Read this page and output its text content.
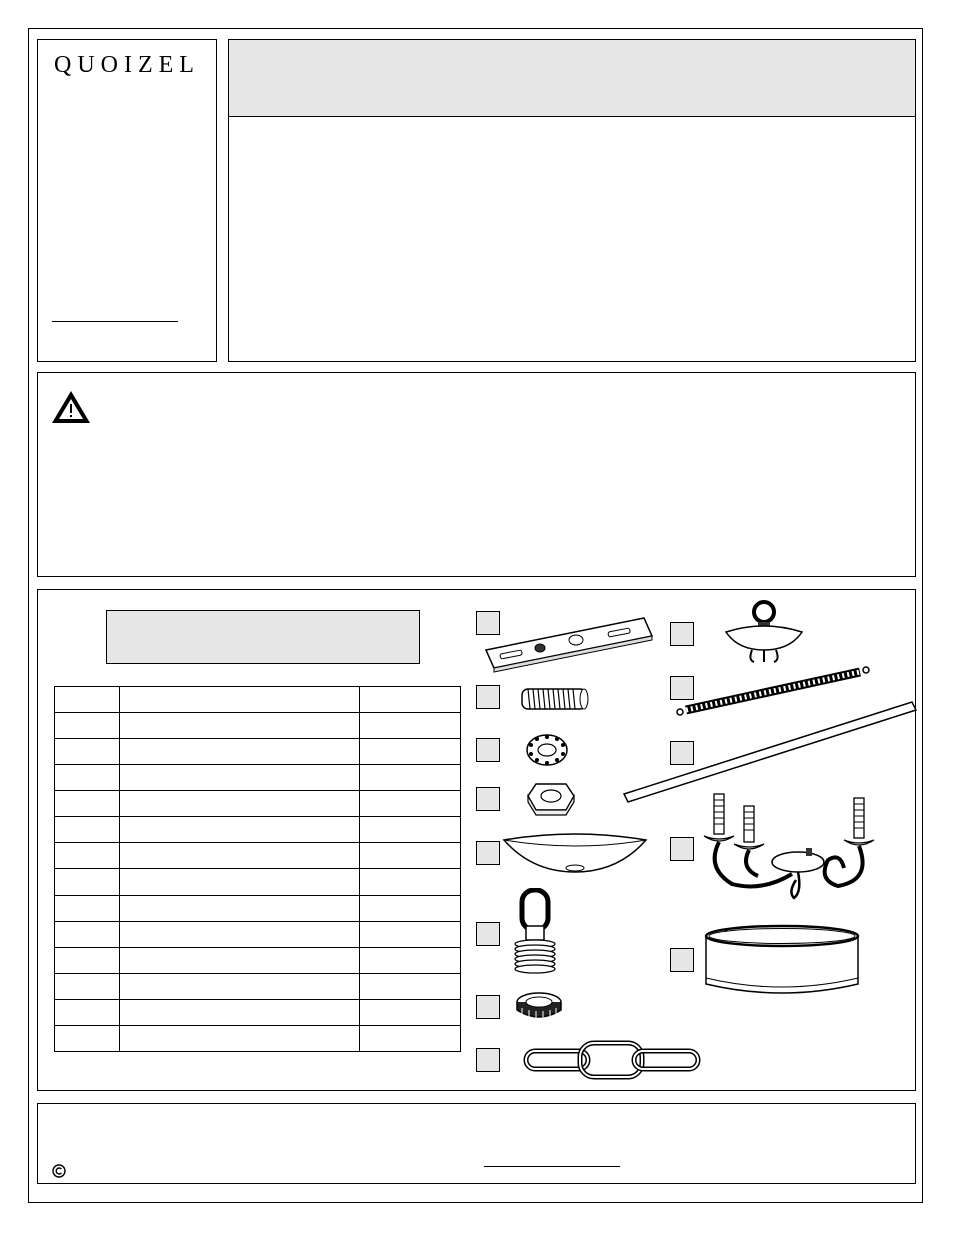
QUOIZEL
